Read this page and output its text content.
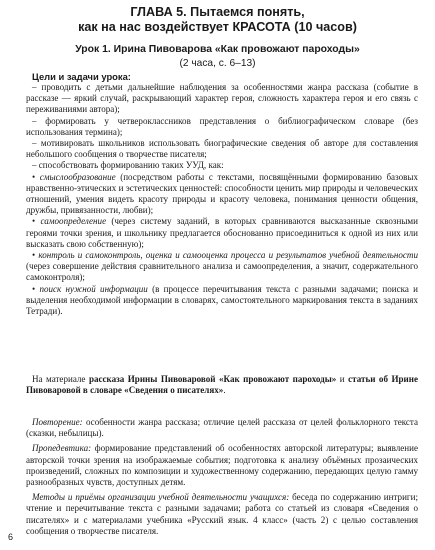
ГЛАВА 5. Пытаемся понять,
как на нас воздействует КРАСОТА (10 часов)
Урок 1. Ирина Пивоварова «Как провожают пароходы»
(2 часа, с. 6–13)
Цели и задачи урока:

– проводить с детьми дальнейшие наблюдения за особенностями жанра рассказа (событие в рассказе — яркий случай, раскрывающий характер героя, сложность характера героя и его связь с переживаниями автора);

– формировать у четвероклассников представления о библиографическом словаре (без использования термина);

– мотивировать школьников использовать биографические сведения об авторе для составления небольшого сообщения о творчестве писателя;

– способствовать формированию таких УУД, как:

• смыслообразование (посредством работы с текстами, посвящёнными формированию базовых нравственно-этических и эстетических ценностей: способности ценить мир природы и человеческих отношений, умения видеть красоту природы и красоту человека, понимания ценности общения, дружбы, привязанности, любви);

• самоопределение (через систему заданий, в которых сравниваются высказанные сквозными героями точки зрения, и школьнику предлагается обоснованно присоединиться к одной из них или высказать свою собственную);

• контроль и самоконтроль, оценка и самооценка процесса и результатов учебной деятельности (через совершение действия сравнительного анализа и самоопределения, а значит, содержательного самоконтроля);

• поиск нужной информации (в процессе перечитывания текста с разными задачами; поиска и выделения необходимой информации в словарях, самостоятельного маркирования текста в заданиях Тетради).

На материале рассказа Ирины Пивоваровой «Как провожают пароходы» и статьи об Ирине Пивоваровой в словаре «Сведения о писателях».

Повторение: особенности жанра рассказа; отличие целей рассказа от целей фольклорного текста (сказки, небылицы).

Пропедевтика: формирование представлений об особенностях авторской литературы; выявление авторской точки зрения на изображаемые события; подготовка к анализу объёмных прозаических произведений, сложных по композиции и художественному содержанию, передающих целую гамму разнообразных чувств, доступных детям.

Методы и приёмы организации учебной деятельности учащихся: беседа по содержанию интриги; чтение и перечитывание текста с разными задачами; работа со статьей из словаря «Сведения о писателях» и с материалами учебника «Русский язык. 4 класс» (часть 2) с целью составления сообщения о творчестве писателя.

6
